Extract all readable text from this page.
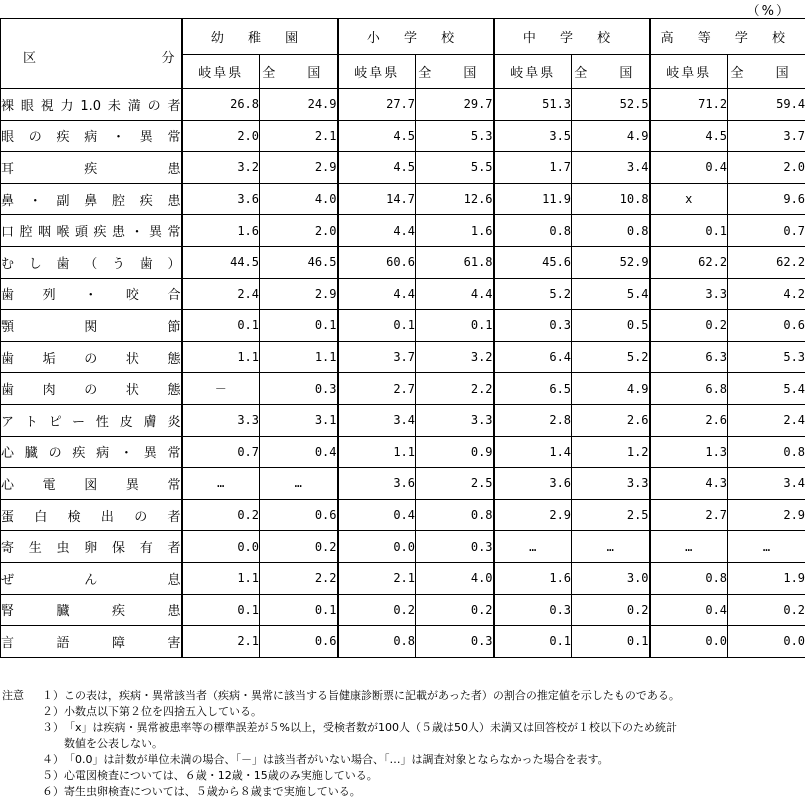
（%）
区 分	幼 稚 園		小 学 校		中 学 校		高 等 学 校	
	岐阜県	全 国	岐阜県	全 国	岐阜県	全 国	岐阜県	全 国
裸眼視力1.0未満の者	26.8	24.9	27.7	29.7	51.3	52.5	71.2	59.4
眼の疾病・異常	2.0	2.1	4.5	5.3	3.5	4.9	4.5	3.7
耳疾患	3.2	2.9	4.5	5.5	1.7	3.4	0.4	2.0
鼻・副鼻腔疾患	3.6	4.0	14.7	12.6	11.9	10.8	x	9.6
口腔咽喉頭疾患・異常	1.6	2.0	4.4	1.6	0.8	0.8	0.1	0.7
むし歯（う歯）	44.5	46.5	60.6	61.8	45.6	52.9	62.2	62.2
歯列・咬合	2.4	2.9	4.4	4.4	5.2	5.4	3.3	4.2
顎関節	0.1	0.1	0.1	0.1	0.3	0.5	0.2	0.6
歯垢の状態	1.1	1.1	3.7	3.2	6.4	5.2	6.3	5.3
歯肉の状態	－	0.3	2.7	2.2	6.5	4.9	6.8	5.4
アトピー性皮膚炎	3.3	3.1	3.4	3.3	2.8	2.6	2.6	2.4
心臓の疾病・異常	0.7	0.4	1.1	0.9	1.4	1.2	1.3	0.8
心電図異常	…	…	3.6	2.5	3.6	3.3	4.3	3.4
蛋白検出の者	0.2	0.6	0.4	0.8	2.9	2.5	2.7	2.9
寄生虫卵保有者	0.0	0.2	0.0	0.3	…	…	…	…
ぜん息	1.1	2.2	2.1	4.0	1.6	3.0	0.8	1.9
腎臓疾患	0.1	0.1	0.2	0.2	0.3	0.2	0.4	0.2
言語障害	2.1	0.6	0.8	0.3	0.1	0.1	0.0	0.0
注意	１） この表は，疾病・異常該当者（疾病・異常に該当する旨健康診断票に記載があった者）の割合の推定値を示したものである。
２） 小数点以下第２位を四捨五入している。
３） 「x」は疾病・異常被患率等の標準誤差が５%以上，受検者数が100人（５歳は50人）未満又は回答校が１校以下のため統計
数値を公表しない。
４） 「0.0」は計数が単位未満の場合、「－」は該当者がいない場合、「…」は調査対象とならなかった場合を表す。
５） 心電図検査については、６歳・12歳・15歳のみ実施している。
６） 寄生虫卵検査については、５歳から８歳まで実施している。
